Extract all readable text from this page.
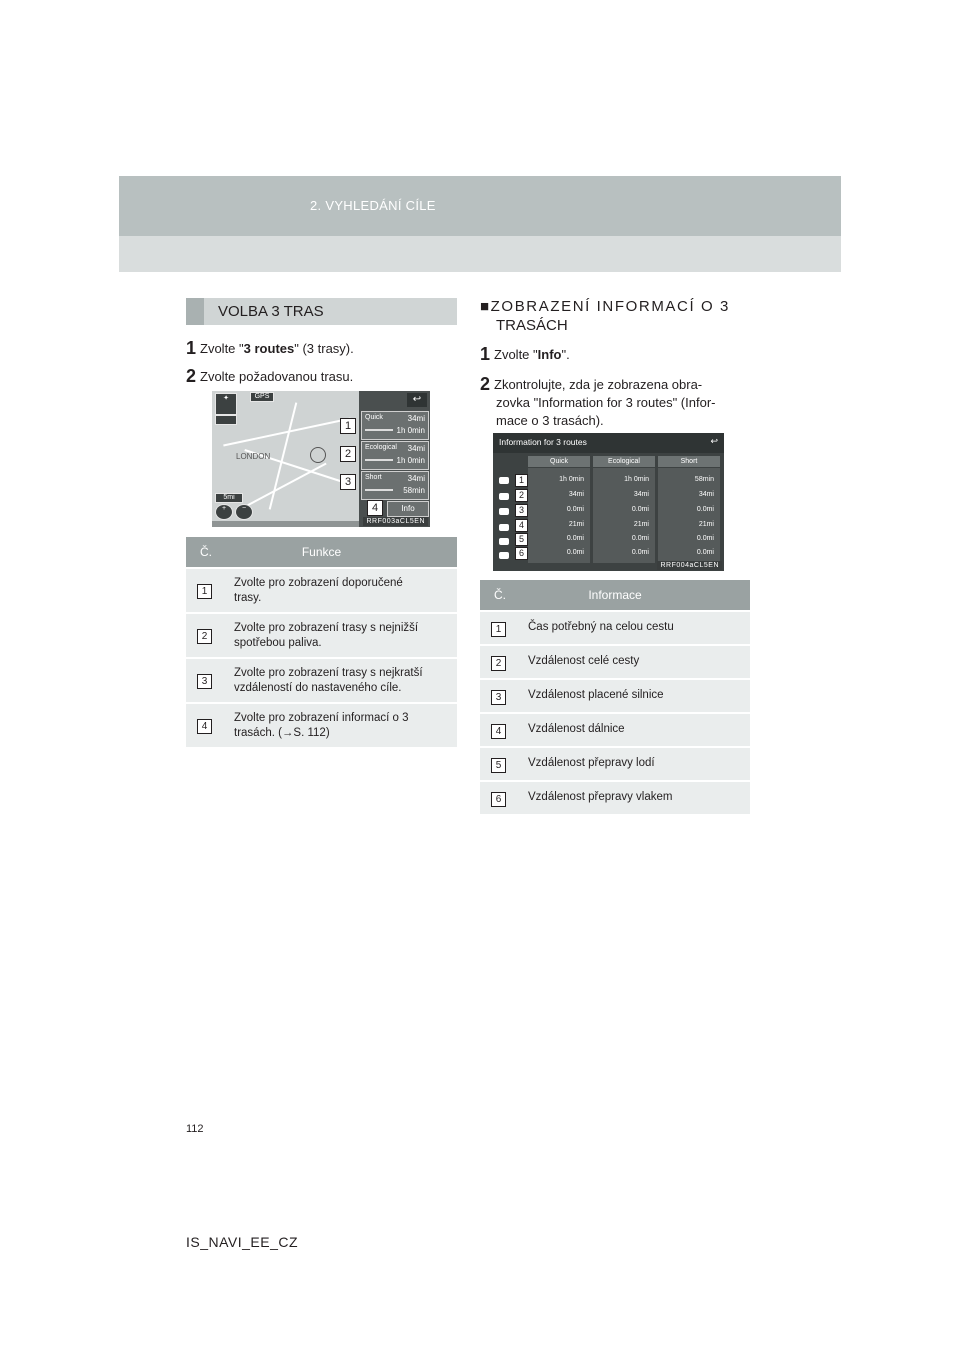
2. VYHLEDÁNÍ CÍLE
VOLBA 3 TRAS
1 Zvolte "3 routes" (3 trasy).
2 Zvolte požadovanou trasu.
LONDON
✦	GPS
5mi
+	−
↩
Quick	34mi
1h 0min
Ecological 34mi
1h 0min
Short	34mi
58min
Info
RRF003aCL5EN
1
2
3
4
Č.	Funkce
1
Zvolte pro zobrazení doporučené
trasy.
2
Zvolte pro zobrazení trasy s nejnižší
spotřebou paliva.
3
Zvolte pro zobrazení trasy s nejkratší
vzdáleností do nastaveného cíle.
4
Zvolte pro zobrazení informací o 3
trasách. (→S. 112)
■ZOBRAZENÍ INFORMACÍ O 3
TRASÁCH
1 Zvolte "Info".
2 Zkontrolujte, zda je zobrazena obra-
zovka "Information for 3 routes" (Infor-
mace o 3 trasách).
Information for 3 routes	↩
Quick	Ecological	Short
1h 0min	1h 0min	58min
34mi	34mi	34mi
0.0mi	0.0mi	0.0mi
21mi	21mi	21mi
0.0mi	0.0mi	0.0mi
0.0mi	0.0mi	0.0mi
1
2
3
4
5
6
RRF004aCL5EN
Č.	Informace
1	Čas potřebný na celou cestu
2	Vzdálenost celé cesty
3	Vzdálenost placené silnice
4	Vzdálenost dálnice
5	Vzdálenost přepravy lodí
6	Vzdálenost přepravy vlakem
112
IS_NAVI_EE_CZ
